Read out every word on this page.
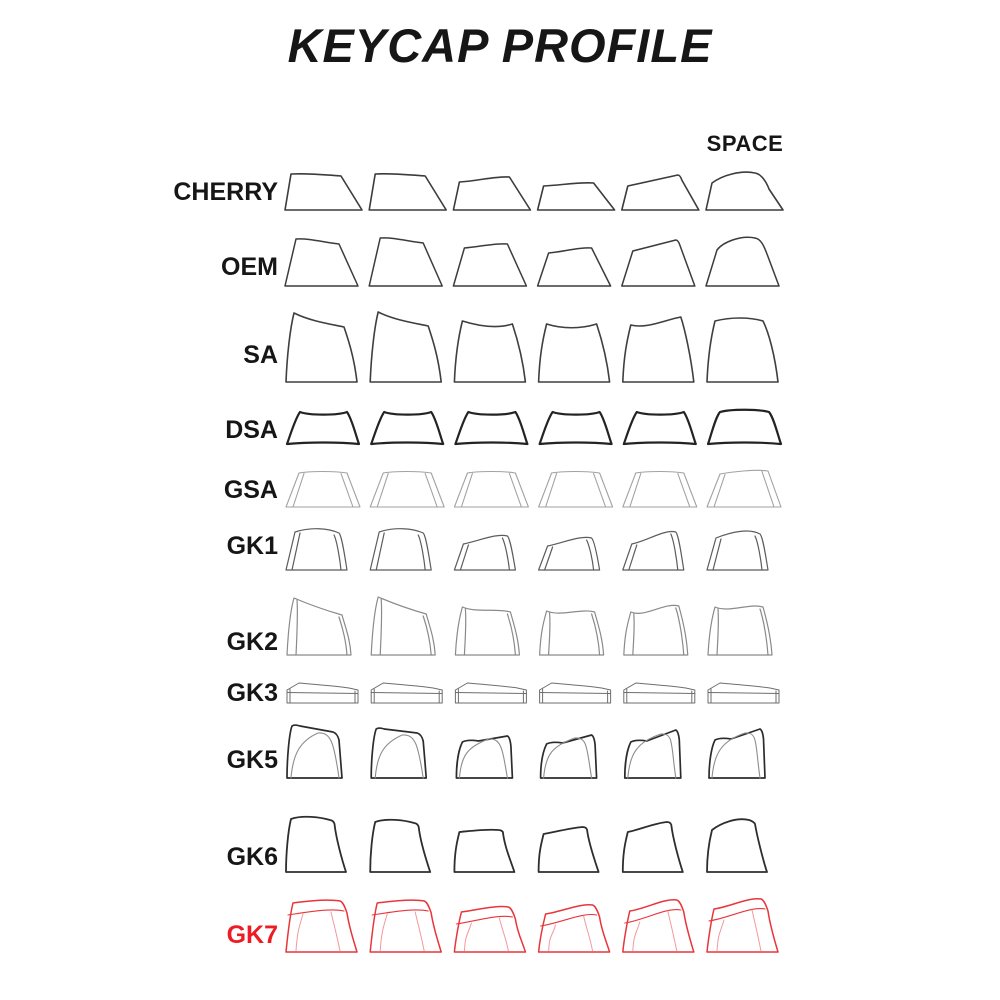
KEYCAP PROFILE
SPACE
CHERRY
OEM
SA
DSA
GSA
GK1
GK2
GK3
GK5
GK6
GK7
